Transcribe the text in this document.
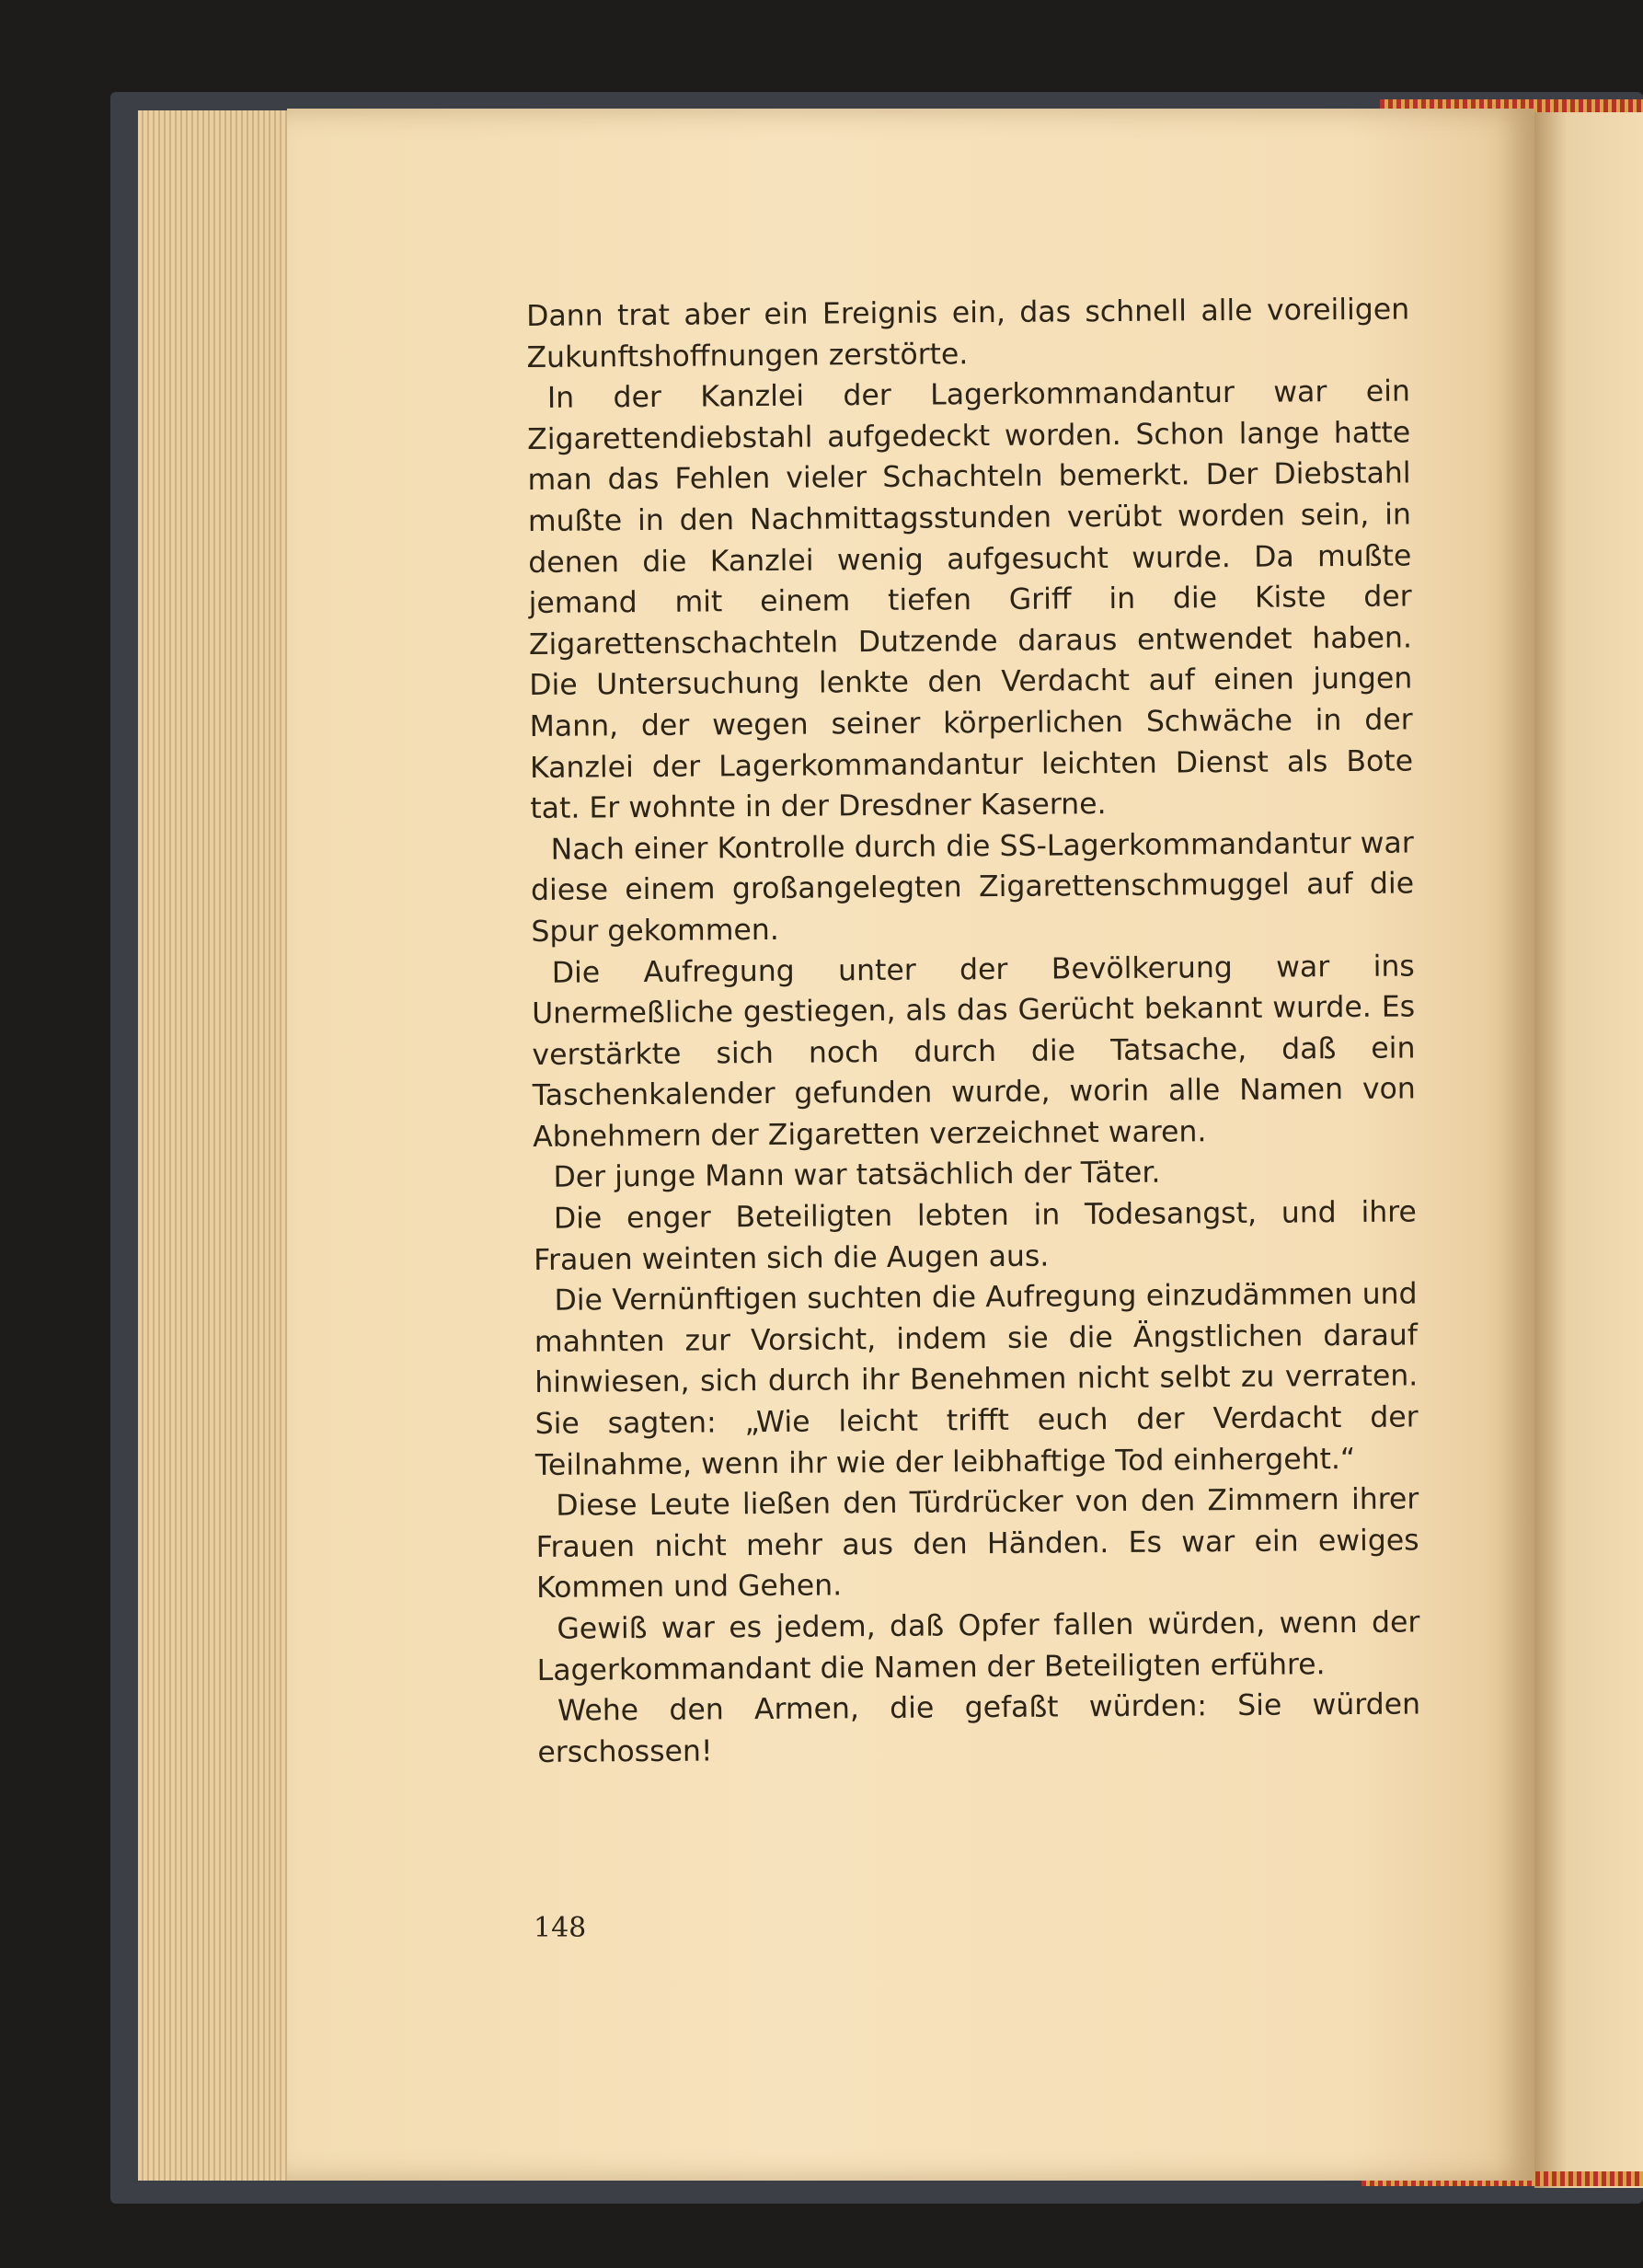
Dann trat aber ein Ereignis ein, das schnell alle voreiligen Zukunftshoffnungen zerstörte.

In der Kanzlei der Lagerkommandantur war ein Zigarettendiebstahl aufgedeckt worden. Schon lange hatte man das Fehlen vieler Schachteln bemerkt. Der Diebstahl mußte in den Nachmittagsstunden verübt worden sein, in denen die Kanzlei wenig aufgesucht wurde. Da mußte jemand mit einem tiefen Griff in die Kiste der Zigarettenschachteln Dutzende daraus entwendet haben. Die Untersuchung lenkte den Verdacht auf einen jungen Mann, der wegen seiner körperlichen Schwäche in der Kanzlei der Lagerkommandantur leichten Dienst als Bote tat. Er wohnte in der Dresdner Kaserne.

Nach einer Kontrolle durch die SS-Lagerkommandantur war diese einem großangelegten Zigarettenschmuggel auf die Spur gekommen.

Die Aufregung unter der Bevölkerung war ins Unermeßliche gestiegen, als das Gerücht bekannt wurde. Es verstärkte sich noch durch die Tatsache, daß ein Taschenkalender gefunden wurde, worin alle Namen von Abnehmern der Zigaretten verzeichnet waren.

Der junge Mann war tatsächlich der Täter.

Die enger Beteiligten lebten in Todesangst, und ihre Frauen weinten sich die Augen aus.

Die Vernünftigen suchten die Aufregung einzudämmen und mahnten zur Vorsicht, indem sie die Ängstlichen darauf hinwiesen, sich durch ihr Benehmen nicht selbt zu verraten. Sie sagten: „Wie leicht trifft euch der Verdacht der Teilnahme, wenn ihr wie der leibhaftige Tod einhergeht.“

Diese Leute ließen den Türdrücker von den Zimmern ihrer Frauen nicht mehr aus den Händen. Es war ein ewiges Kommen und Gehen.

Gewiß war es jedem, daß Opfer fallen würden, wenn der Lagerkommandant die Namen der Beteiligten erführe.

Wehe den Armen, die gefaßt würden: Sie würden erschossen!

148
